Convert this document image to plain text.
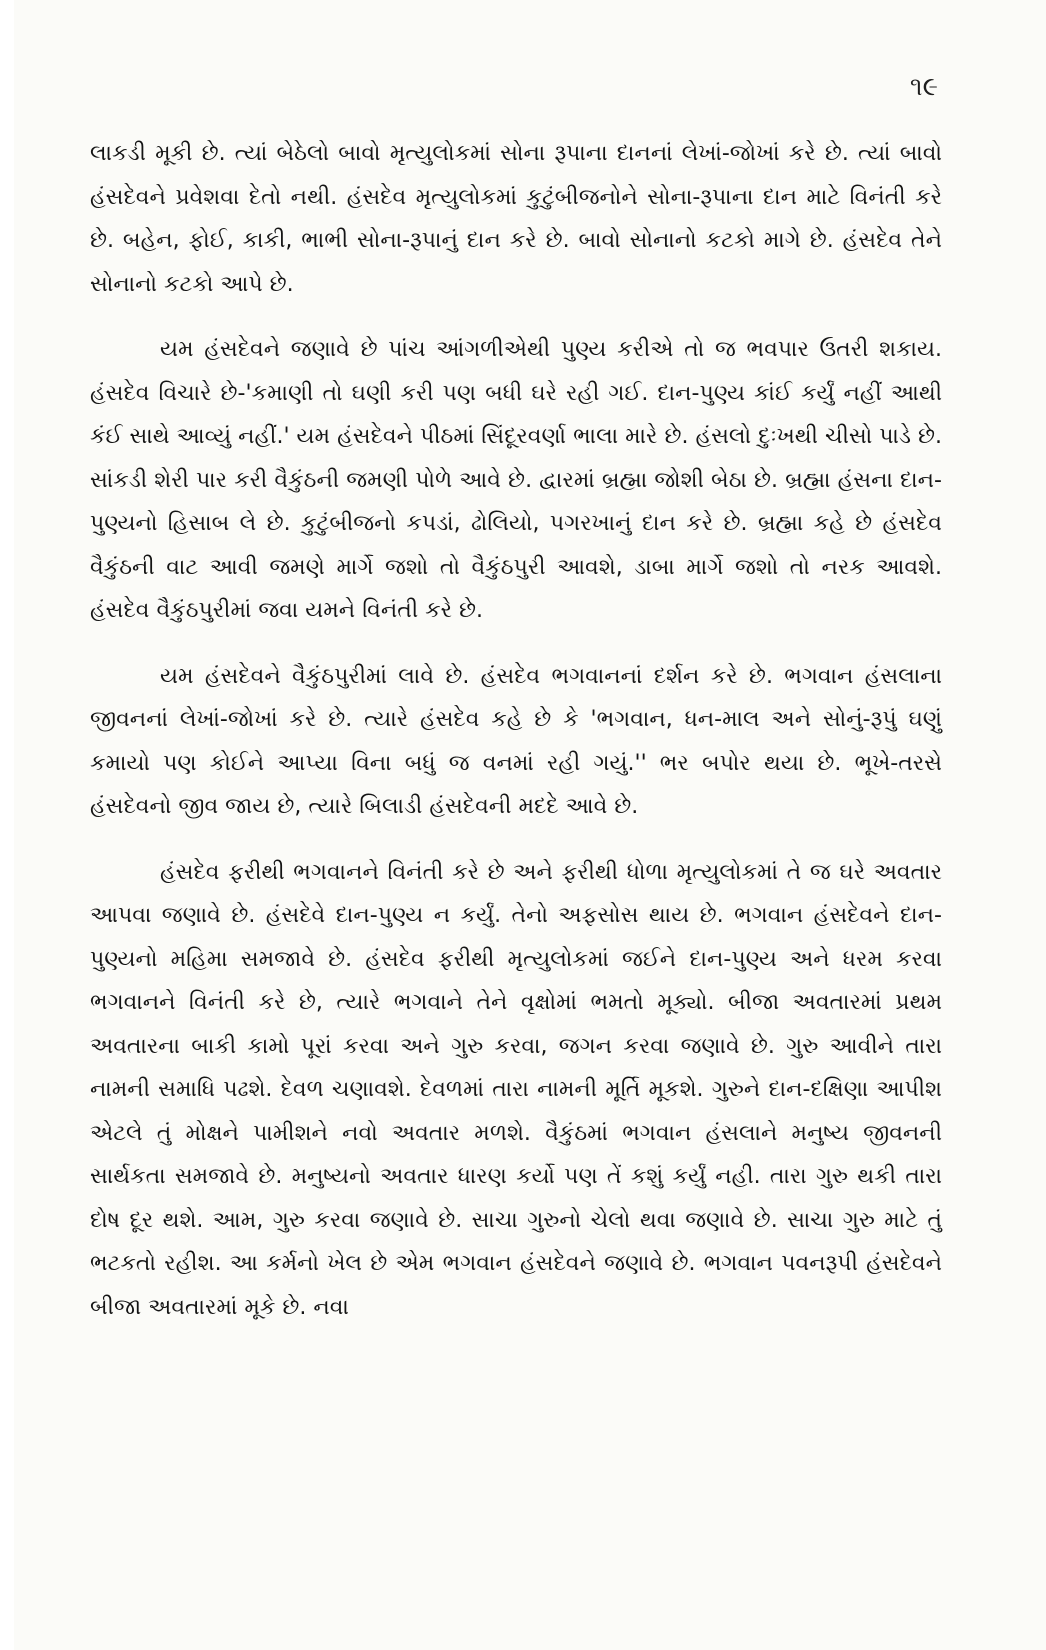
૧૯

લાકડી મૂકી છે. ત્યાં બેઠેલો બાવો મૃત્યુલોકમાં સોના રૂપાના દાનનાં લેખાં-જોખાં કરે છે. ત્યાં બાવો હંસદેવને પ્રવેશવા દેતો નથી. હંસદેવ મૃત્યુલોકમાં કુટુંબીજનોને સોના-રૂપાના દાન માટે વિનંતી કરે છે. બહેન, ફોઈ, કાકી, ભાભી સોના-રૂપાનું દાન કરે છે. બાવો સોનાનો કટકો માગે છે. હંસદેવ તેને સોનાનો કટકો આપે છે.

યમ હંસદેવને જણાવે છે પાંચ આંગળીએથી પુણ્ય કરીએ તો જ ભવપાર ઉતરી શકાય. હંસદેવ વિચારે છે-'કમાણી તો ઘણી કરી પણ બધી ઘરે રહી ગઈ. દાન-પુણ્ય કાંઈ કર્યું નહીં આથી કંઈ સાથે આવ્યું નહીં.' યમ હંસદેવને પીઠમાં સિંદૂરવર્ણા ભાલા મારે છે. હંસલો દુઃખથી ચીસો પાડે છે. સાંકડી શેરી પાર કરી વૈકુંઠની જમણી પોળે આવે છે. દ્વારમાં બ્રહ્મા જોશી બેઠા છે. બ્રહ્મા હંસના દાન-પુણ્યનો હિસાબ લે છે. કુટુંબીજનો કપડાં, ઢોલિયો, પગરખાનું દાન કરે છે. બ્રહ્મા કહે છે હંસદેવ વૈકુંઠની વાટ આવી જમણે માર્ગે જશો તો વૈકુંઠપુરી આવશે, ડાબા માર્ગે જશો તો નરક આવશે. હંસદેવ વૈકુંઠપુરીમાં જવા યમને વિનંતી કરે છે.

યમ હંસદેવને વૈકુંઠપુરીમાં લાવે છે. હંસદેવ ભગવાનનાં દર્શન કરે છે. ભગવાન હંસલાના જીવનનાં લેખાં-જોખાં કરે છે. ત્યારે હંસદેવ કહે છે કે 'ભગવાન, ધન-માલ અને સોનું-રૂપું ઘણું કમાયો પણ કોઈને આપ્યા વિના બધું જ વનમાં રહી ગયું.'' ભર બપોર થયા છે. ભૂખે-તરસે હંસદેવનો જીવ જાય છે, ત્યારે બિલાડી હંસદેવની મદદે આવે છે.

હંસદેવ ફરીથી ભગવાનને વિનંતી કરે છે અને ફરીથી ધોળા મૃત્યુલોકમાં તે જ ઘરે અવતાર આપવા જણાવે છે. હંસદેવે દાન-પુણ્ય ન કર્યું. તેનો અફસોસ થાય છે. ભગવાન હંસદેવને દાન-પુણ્યનો મહિમા સમજાવે છે. હંસદેવ ફરીથી મૃત્યુલોકમાં જઈને દાન-પુણ્ય અને ધરમ કરવા ભગવાનને વિનંતી કરે છે, ત્યારે ભગવાને તેને વૃક્ષોમાં ભમતો મૂક્યો. બીજા અવતારમાં પ્રથમ અવતારના બાકી કામો પૂરાં કરવા અને ગુરુ કરવા, જગન કરવા જણાવે છે. ગુરુ આવીને તારા નામની સમાધિ પઢશે. દેવળ ચણાવશે. દેવળમાં તારા નામની મૂર્તિ મૂકશે. ગુરુને દાન-દક્ષિણા આપીશ એટલે તું મોક્ષને પામીશને નવો અવતાર મળશે. વૈકુંઠમાં ભગવાન હંસલાને મનુષ્ય જીવનની સાર્થકતા સમજાવે છે. મનુષ્યનો અવતાર ધારણ કર્યો પણ તેં કશું કર્યું નહી. તારા ગુરુ થકી તારા દોષ દૂર થશે. આમ, ગુરુ કરવા જણાવે છે. સાચા ગુરુનો ચેલો થવા જણાવે છે. સાચા ગુરુ માટે તું ભટકતો રહીશ. આ કર્મનો ખેલ છે એમ ભગવાન હંસદેવને જણાવે છે. ભગવાન પવનરૂપી હંસદેવને બીજા અવતારમાં મૂકે છે. નવા
